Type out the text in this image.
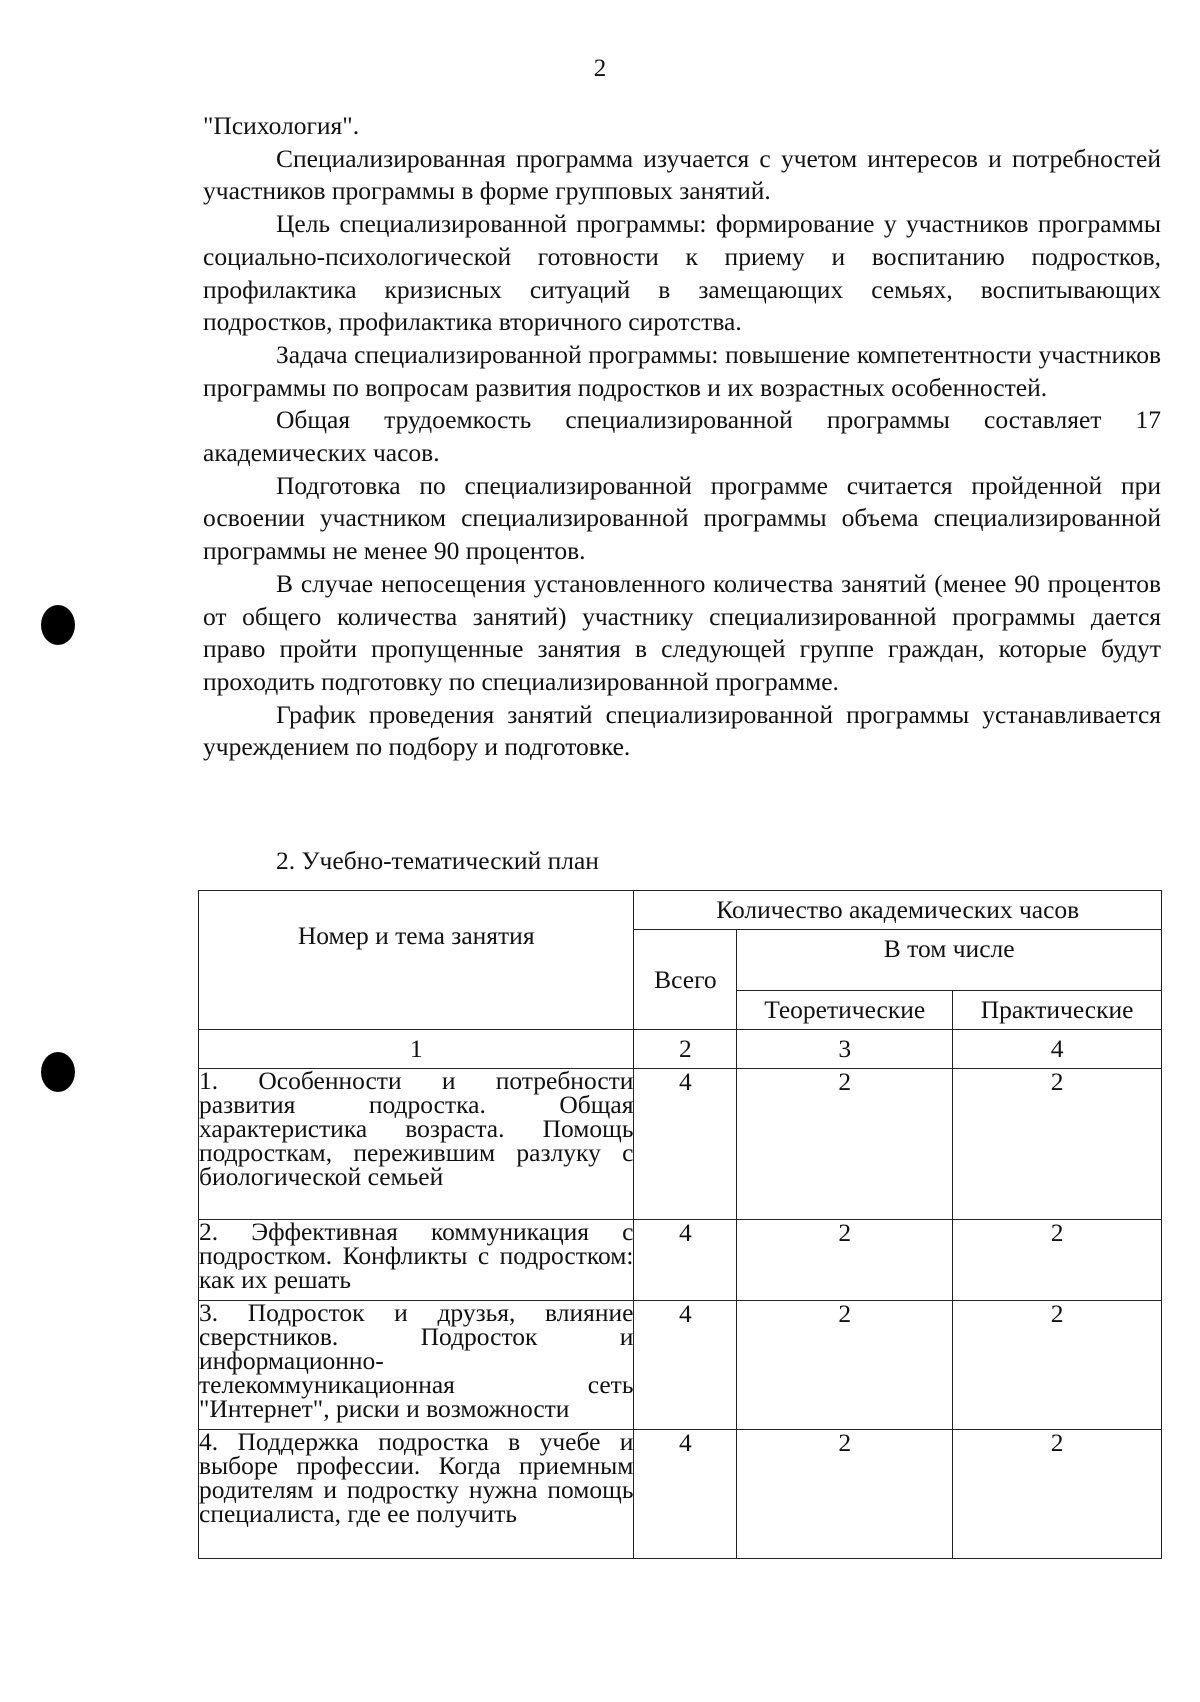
2

"Психология".

Специализированная программа изучается с учетом интересов и потребностей участников программы в форме групповых занятий.

Цель специализированной программы: формирование у участников программы социально-психологической готовности к приему и воспитанию подростков, профилактика кризисных ситуаций в замещающих семьях, воспитывающих подростков, профилактика вторичного сиротства.

Задача специализированной программы: повышение компетентности участников программы по вопросам развития подростков и их возрастных особенностей.

Общая трудоемкость специализированной программы составляет 17 академических часов.

Подготовка по специализированной программе считается пройденной при освоении участником специализированной программы объема специализированной программы не менее 90 процентов.

В случае непосещения установленного количества занятий (менее 90 процентов от общего количества занятий) участнику специализированной программы дается право пройти пропущенные занятия в следующей группе граждан, которые будут проходить подготовку по специализированной программе.

График проведения занятий специализированной программы устанавливается учреждением по подбору и подготовке.

2. Учебно-тематический план
Номер и тема занятия	Количество академических часов		
	Всего	В том числе	
		Теоретические	Практические
1	2	3	4
1. Особенности и потребности развития подростка. Общая характеристика возраста. Помощь подросткам, пережившим разлуку с биологической семьей	4	2	2
2. Эффективная коммуникация с подростком. Конфликты с подростком: как их решать	4	2	2
3. Подросток и друзья, влияние сверстников. Подросток и информационно-телекоммуникационная сеть "Интернет", риски и возможности	4	2	2
4. Поддержка подростка в учебе и выборе профессии. Когда приемным родителям и подростку нужна помощь специалиста, где ее получить	4	2	2
